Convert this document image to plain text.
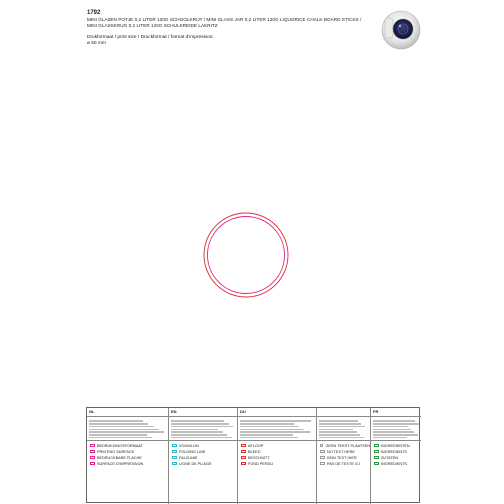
1792
MINI GLAZEN POTJE 0,2 LITER 120G SCHOOLKRIJT / MINI GLASS JAR 0,2 LITER 120G LIQUORICE CHALK BOARD STICKS /
MINI GLASSKRUG 0,2 LITER 120G SCHULKREIDE LAKRITZ
Drukformaat / print size / Druckformat / format d'impression:
ø 50 mm
NL
BEDRUKKINGSFORMAAT
PRINTING SURFACE
BEDRUCKBARE FLÄCHE
SURFACE D'IMPRESSION
EN
VOUWLIJN
FOLDING LINE
FALZLINIE
LIGNE DE PLIAGE
DU
AFLOOP
BLEED
BESCHNITT
FOND PERDU
GEEN TEKST PLAATSEN
NO TEXT HERE
KEIN TEXT HIER
PAS DE TEXTE ICI
FR
INGREDIENTEN
INGREDIENTS
ZUTATEN
INGRÉDIENTS
